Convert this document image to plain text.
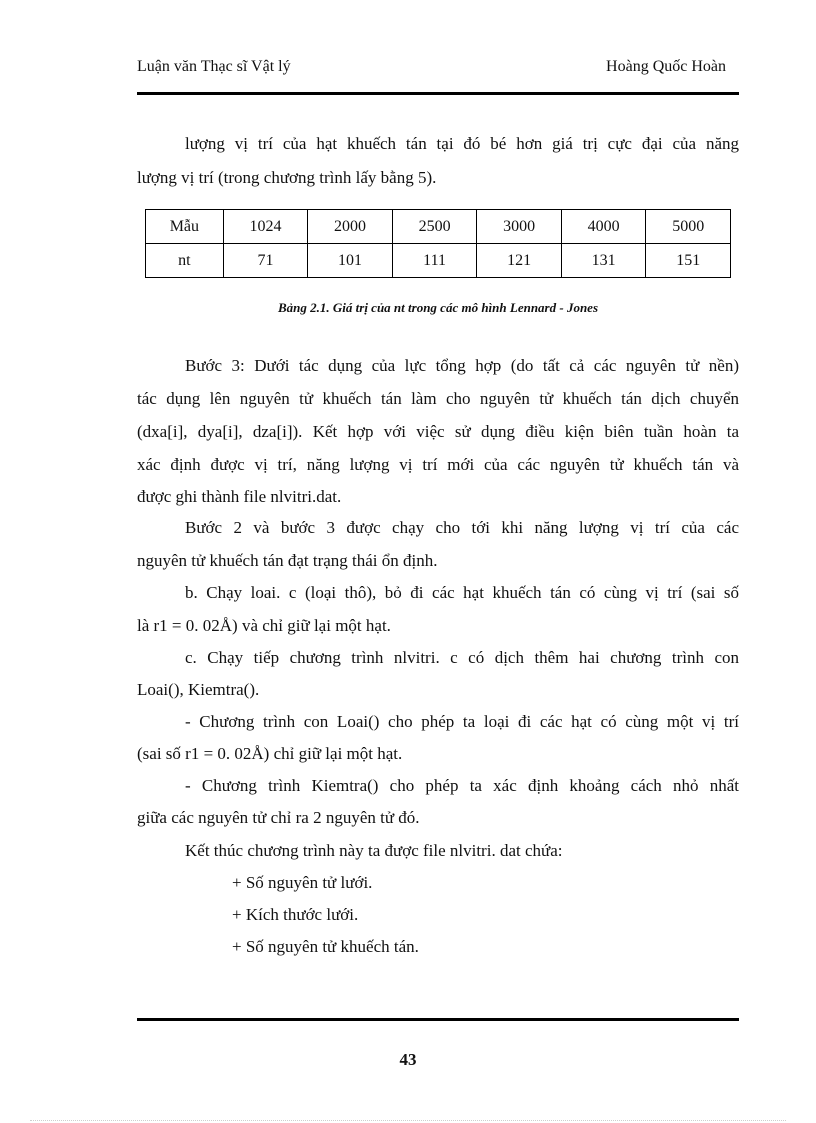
Luận văn Thạc sĩ Vật lý	Hoàng Quốc Hoàn
lượng vị trí của hạt khuếch tán tại đó bé hơn giá trị cực đại của năng
lượng vị trí (trong chương trình lấy bằng 5).
Mẫu	1024	2000	2500	3000	4000	5000
nt	71	101	111	121	131	151
Bảng 2.1. Giá trị của nt trong các mô hình Lennard - Jones
Bước 3: Dưới tác dụng của lực tổng hợp (do tất cả các nguyên tử nền)
tác dụng lên nguyên tử khuếch tán làm cho nguyên tử khuếch tán dịch chuyển
(dxa[i], dya[i], dza[i]). Kết hợp với việc sử dụng điều kiện biên tuần hoàn ta
xác định được vị trí, năng lượng vị trí mới của các nguyên tử khuếch tán và
được ghi thành file nlvitri.dat.
Bước 2 và bước 3 được chạy cho tới khi năng lượng vị trí của các
nguyên tử khuếch tán đạt trạng thái ổn định.
b. Chạy loai. c (loại thô), bỏ đi các hạt khuếch tán có cùng vị trí (sai số
là r1 = 0. 02Å) và chỉ giữ lại một hạt.
c. Chạy tiếp chương trình nlvitri. c có dịch thêm hai chương trình con
Loai(), Kiemtra().
- Chương trình con Loai() cho phép ta loại đi các hạt có cùng một vị trí
(sai số r1 = 0. 02Å) chỉ giữ lại một hạt.
- Chương trình Kiemtra() cho phép ta xác định khoảng cách nhỏ nhất
giữa các nguyên tử chỉ ra 2 nguyên tử đó.
Kết thúc chương trình này ta được file nlvitri. dat chứa:
+ Số nguyên tử lưới.
+ Kích thước lưới.
+ Số nguyên tử khuếch tán.
43
